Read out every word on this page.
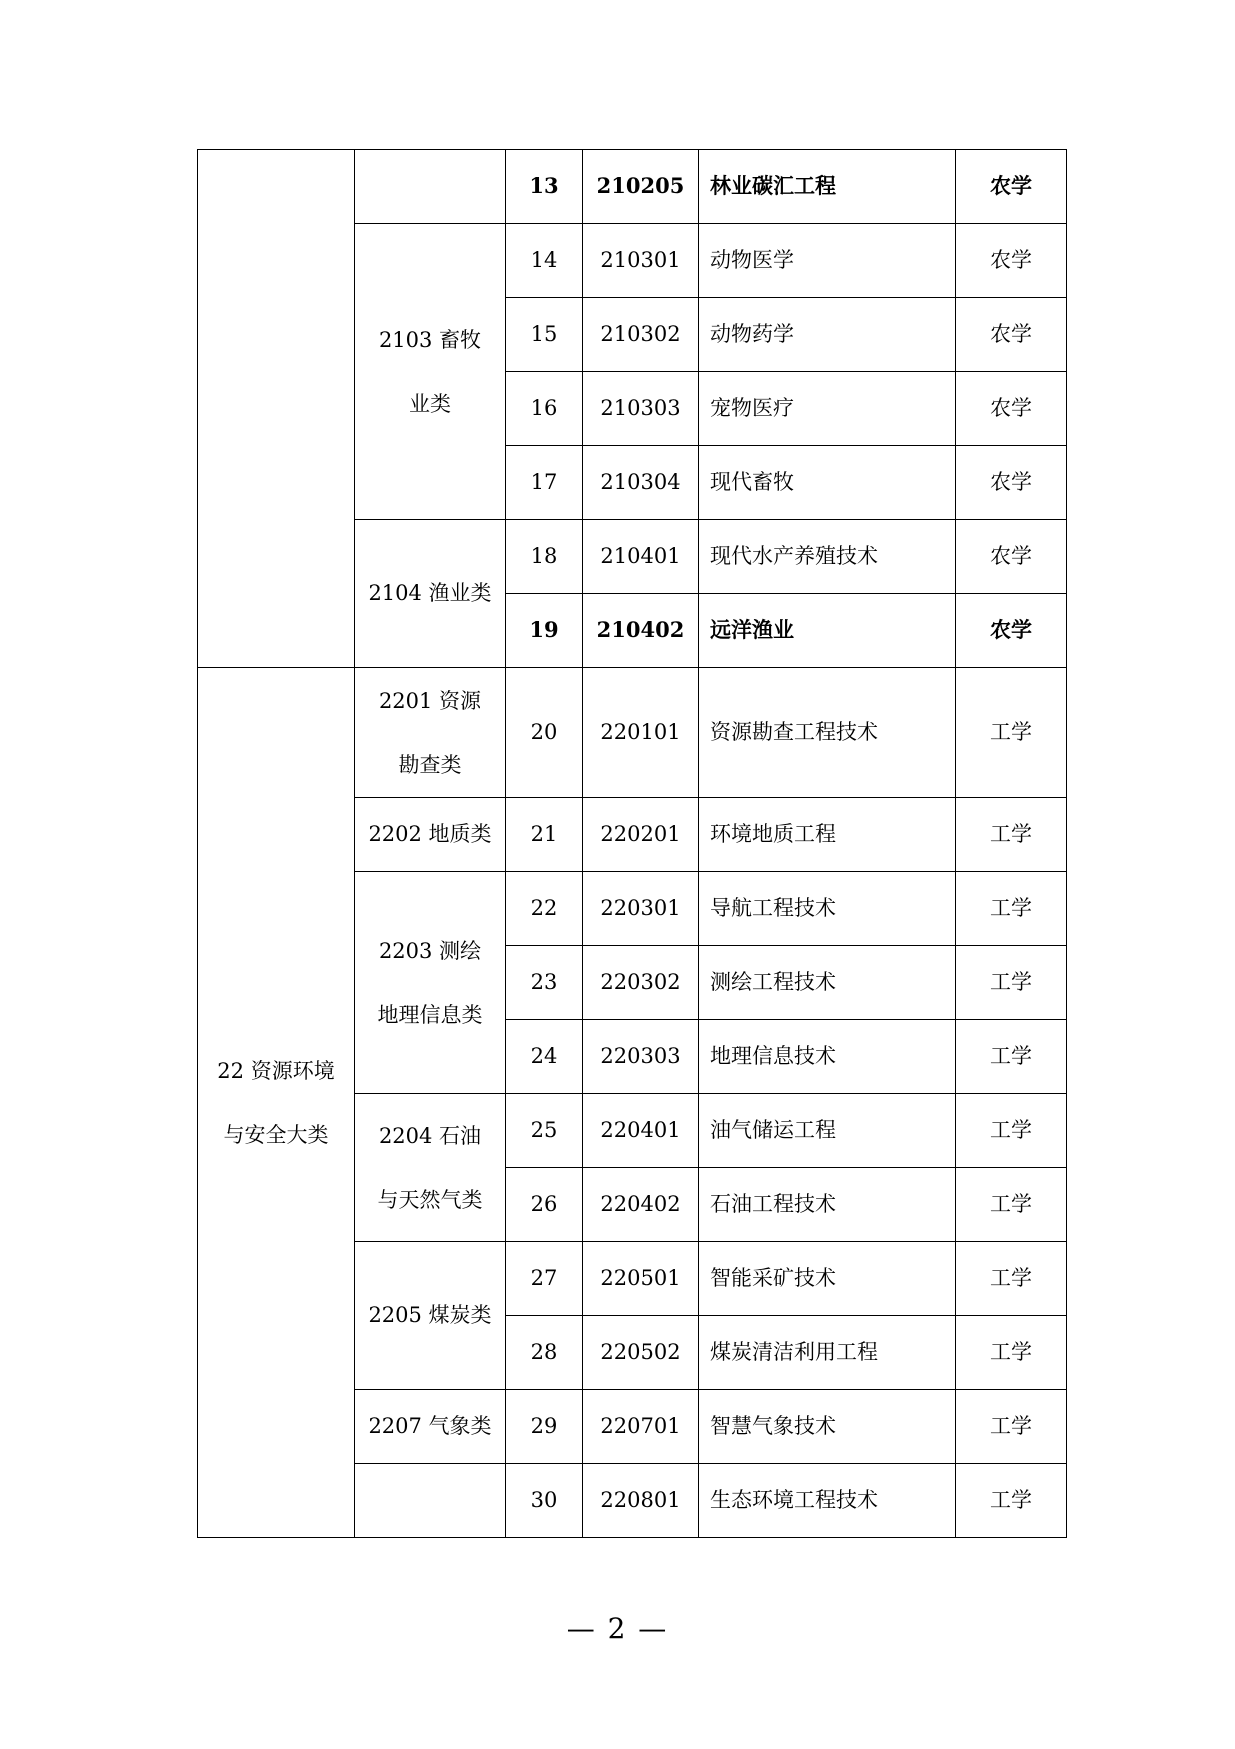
		13	210205	林业碳汇工程	农学

	2103 畜牧业类	14	210301	动物医学	农学
		15	210302	动物药学	农学
		16	210303	宠物医疗	农学
		17	210304	现代畜牧	农学
	2104 渔业类	18	210401	现代水产养殖技术	农学
		19	210402	远洋渔业	农学

22 资源环境与安全大类	2201 资源勘查类	20	220101	资源勘查工程技术	工学
	2202 地质类	21	220201	环境地质工程	工学

	2203 测绘地理信息类	22	220301	导航工程技术	工学
		23	220302	测绘工程技术	工学
		24	220303	地理信息技术	工学

	2204 石油与天然气类	25	220401	油气储运工程	工学
		26	220402	石油工程技术	工学
	2205 煤炭类	27	220501	智能采矿技术	工学
		28	220502	煤炭清洁利用工程	工学
	2207 气象类	29	220701	智慧气象技术	工学
		30	220801	生态环境工程技术	工学
— 2 —
